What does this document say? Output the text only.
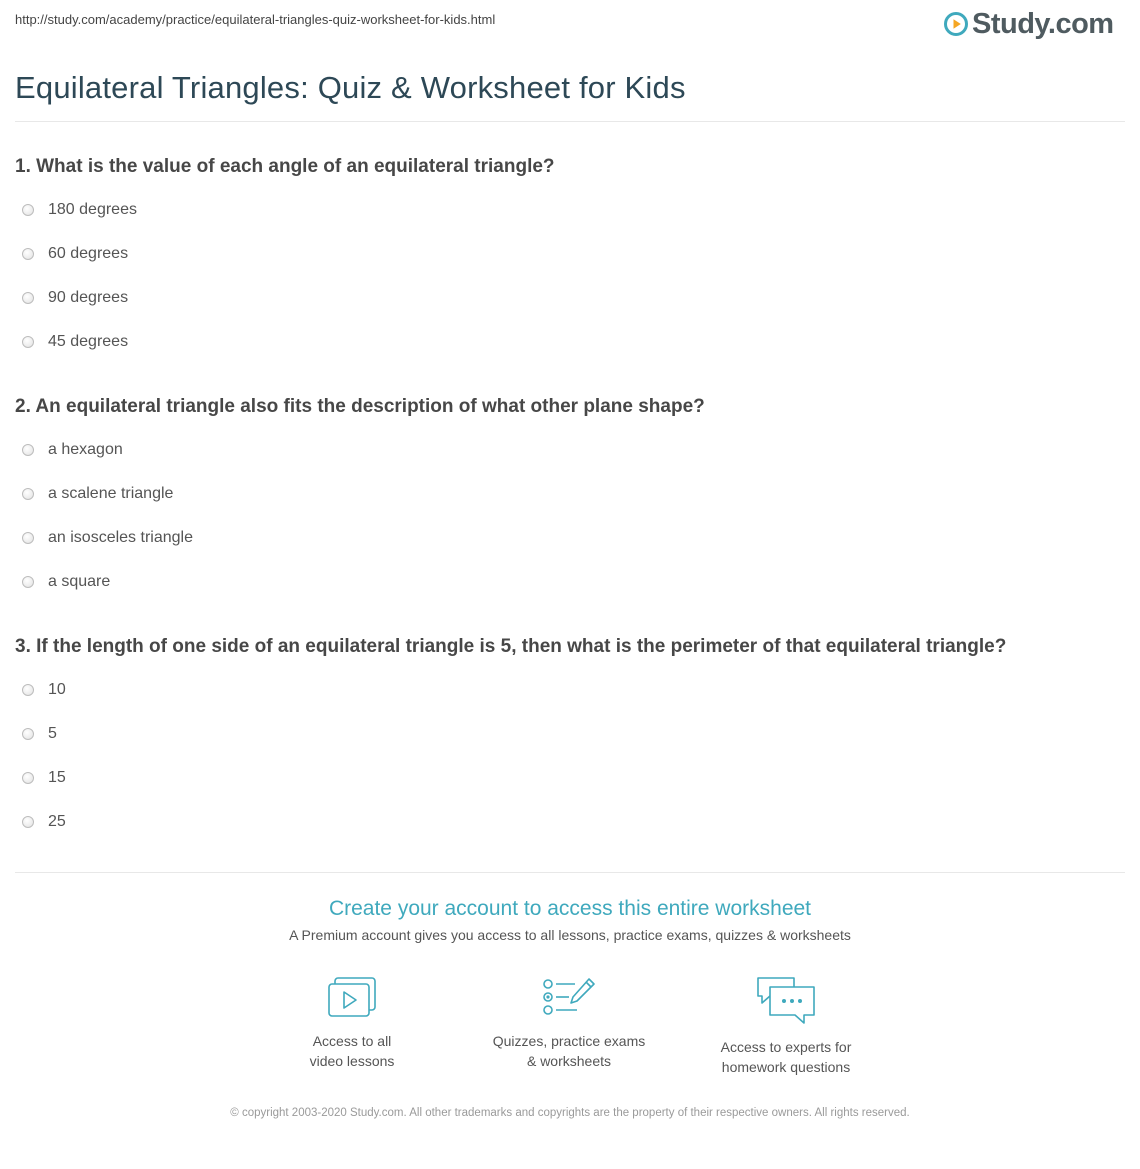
http://study.com/academy/practice/equilateral-triangles-quiz-worksheet-for-kids.html	Study.com
Equilateral Triangles: Quiz & Worksheet for Kids
1. What is the value of each angle of an equilateral triangle?
180 degrees
60 degrees
90 degrees
45 degrees
2. An equilateral triangle also fits the description of what other plane shape?
a hexagon
a scalene triangle
an isosceles triangle
a square
3. If the length of one side of an equilateral triangle is 5, then what is the perimeter of that equilateral triangle?
10
5
15
25
Create your account to access this entire worksheet
A Premium account gives you access to all lessons, practice exams, quizzes & worksheets
Access to all
video lessons
Quizzes, practice exams
& worksheets
Access to experts for
homework questions
© copyright 2003-2020 Study.com. All other trademarks and copyrights are the property of their respective owners. All rights reserved.
